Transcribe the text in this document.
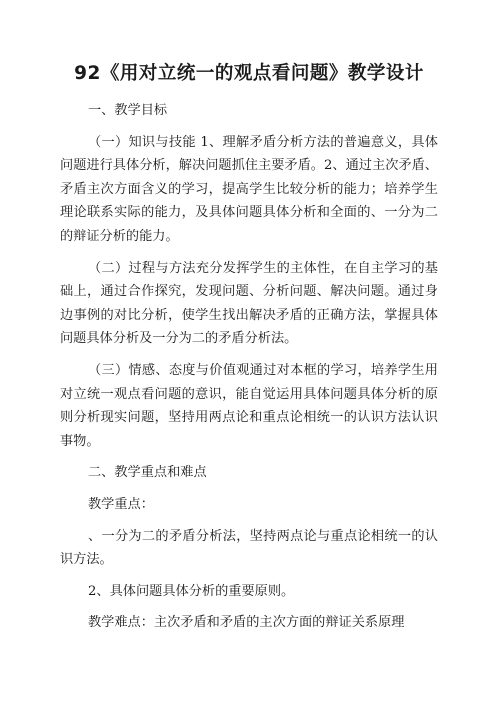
92《用对立统一的观点看问题》教学设计

一、教学目标

（一）知识与技能 1、理解矛盾分析方法的普遍意义，具体问题进行具体分析，解决问题抓住主要矛盾。2、通过主次矛盾、矛盾主次方面含义的学习，提高学生比较分析的能力；培养学生理论联系实际的能力，及具体问题具体分析和全面的、一分为二的辩证分析的能力。

（二）过程与方法充分发挥学生的主体性，在自主学习的基础上，通过合作探究，发现问题、分析问题、解决问题。通过身边事例的对比分析，使学生找出解决矛盾的正确方法，掌握具体问题具体分析及一分为二的矛盾分析法。

（三）情感、态度与价值观通过对本框的学习，培养学生用对立统一观点看问题的意识，能自觉运用具体问题具体分析的原则分析现实问题，坚持用两点论和重点论相统一的认识方法认识事物。

二、教学重点和难点

教学重点：

、一分为二的矛盾分析法，坚持两点论与重点论相统一的认识方法。

2、具体问题具体分析的重要原则。

教学难点：主次矛盾和矛盾的主次方面的辩证关系原理
